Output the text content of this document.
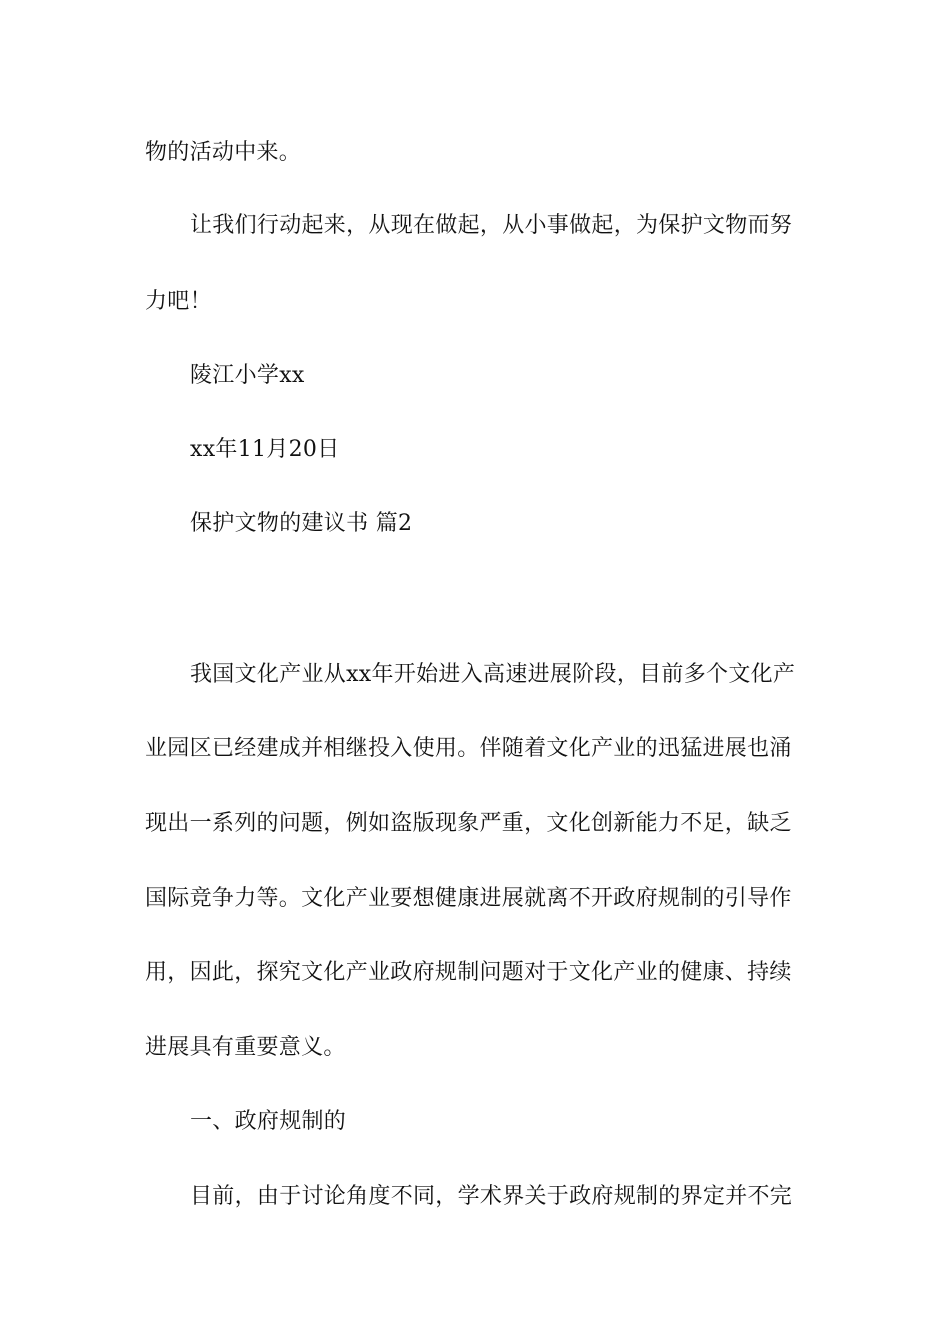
物的活动中来。
让我们行动起来，从现在做起，从小事做起，为保护文物而努
力吧！
陵江小学xx
xx年11月20日
保护文物的建议书 篇2
我国文化产业从xx年开始进入高速进展阶段，目前多个文化产
业园区已经建成并相继投入使用。伴随着文化产业的迅猛进展也涌
现出一系列的问题，例如盗版现象严重，文化创新能力不足，缺乏
国际竞争力等。文化产业要想健康进展就离不开政府规制的引导作
用，因此，探究文化产业政府规制问题对于文化产业的健康、持续
进展具有重要意义。
一、政府规制的
目前，由于讨论角度不同，学术界关于政府规制的界定并不完
